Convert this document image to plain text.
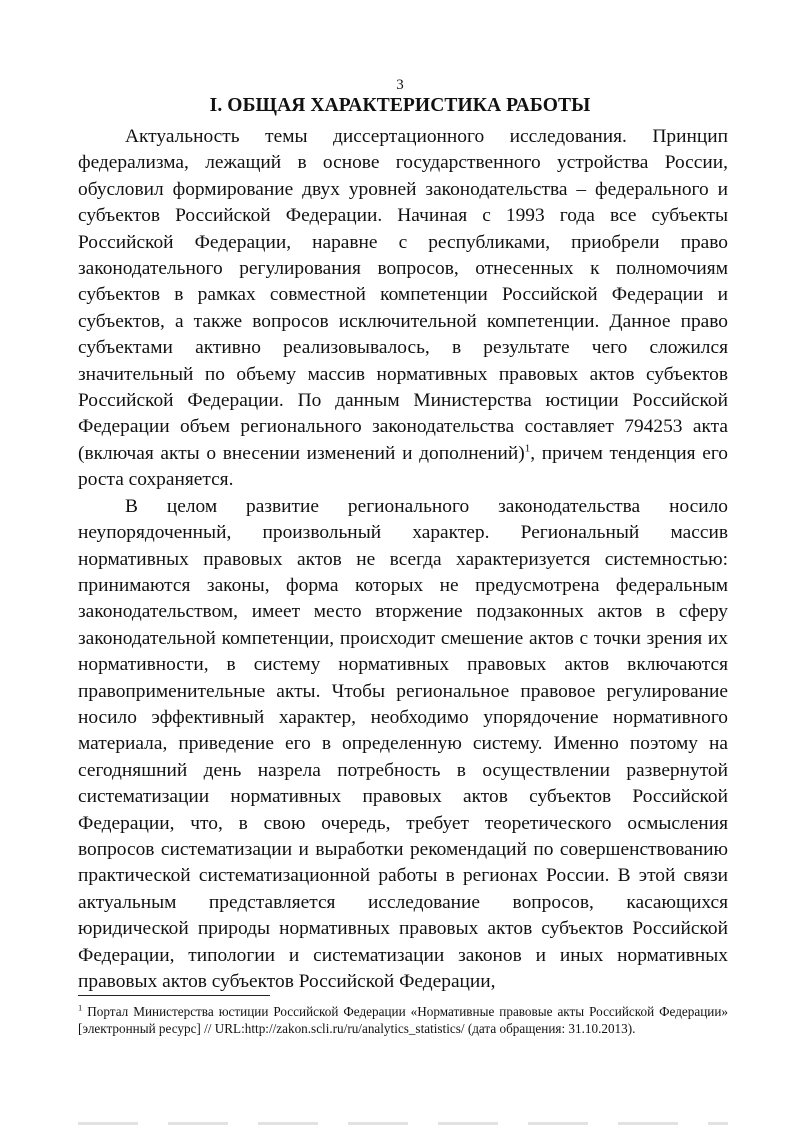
3
I. ОБЩАЯ ХАРАКТЕРИСТИКА РАБОТЫ

Актуальность темы диссертационного исследования. Принцип федерализма, лежащий в основе государственного устройства России, обусловил формирование двух уровней законодательства – федерального и субъектов Российской Федерации. Начиная с 1993 года все субъекты Российской Федерации, наравне с республиками, приобрели право законодательного регулирования вопросов, отнесенных к полномочиям субъектов в рамках совместной компетенции Российской Федерации и субъектов, а также вопросов исключительной компетенции. Данное право субъектами активно реализовывалось, в результате чего сложился значительный по объему массив нормативных правовых актов субъектов Российской Федерации. По данным Министерства юстиции Российской Федерации объем регионального законодательства составляет 794253 акта (включая акты о внесении изменений и дополнений)$^1$, причем тенденция его роста сохраняется.

В целом развитие регионального законодательства носило неупорядоченный, произвольный характер. Региональный массив нормативных правовых актов не всегда характеризуется системностью: принимаются законы, форма которых не предусмотрена федеральным законодательством, имеет место вторжение подзаконных актов в сферу законодательной компетенции, происходит смешение актов с точки зрения их нормативности, в систему нормативных правовых актов включаются правоприменительные акты. Чтобы региональное правовое регулирование носило эффективный характер, необходимо упорядочение нормативного материала, приведение его в определенную систему. Именно поэтому на сегодняшний день назрела потребность в осуществлении развернутой систематизации нормативных правовых актов субъектов Российской Федерации, что, в свою очередь, требует теоретического осмысления вопросов систематизации и выработки рекомендаций по совершенствованию практической систематизационной работы в регионах России. В этой связи актуальным представляется исследование вопросов, касающихся юридической природы нормативных правовых актов субъектов Российской Федерации, типологии и систематизации законов и иных нормативных правовых актов субъектов Российской Федерации,

$^1$ Портал Министерства юстиции Российской Федерации «Нормативные правовые акты Российской Федерации» [электронный ресурс] // URL:http://zakon.scli.ru/ru/analytics_statistics/ (дата обращения: 31.10.2013).
